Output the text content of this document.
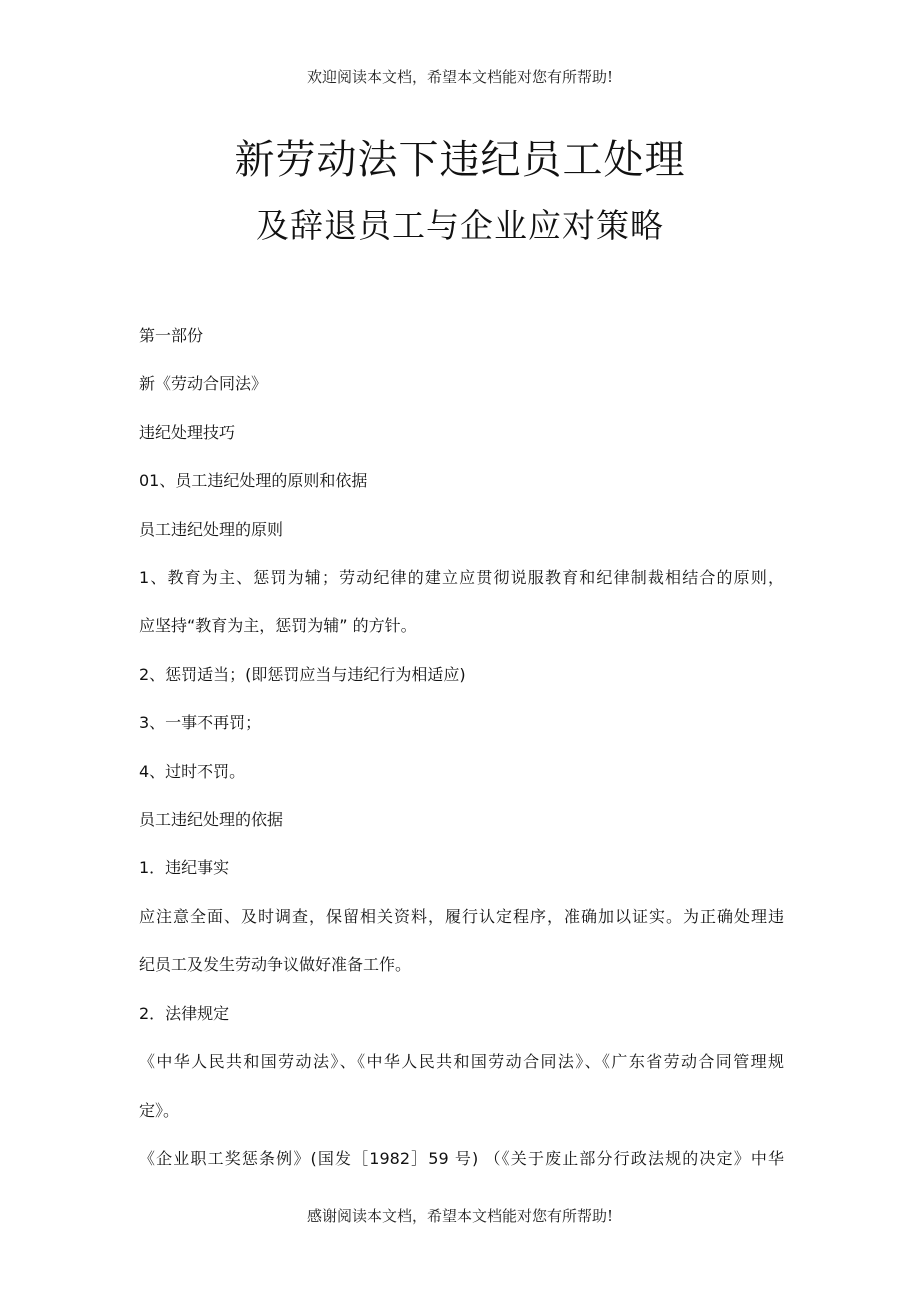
欢迎阅读本文档，希望本文档能对您有所帮助!
新劳动法下违纪员工处理
及辞退员工与企业应对策略

第一部份

新《劳动合同法》

违纪处理技巧

01、员工违纪处理的原则和依据

员工违纪处理的原则

1、教育为主、惩罚为辅；劳动纪律的建立应贯彻说服教育和纪律制裁相结合的原则，

应坚持“教育为主，惩罚为辅” 的方针。

2、惩罚适当；(即惩罚应当与违纪行为相适应)

3、一事不再罚；

4、过时不罚。

员工违纪处理的依据

1．违纪事实

应注意全面、及时调查，保留相关资料，履行认定程序，准确加以证实。为正确处理违

纪员工及发生劳动争议做好准备工作。

2．法律规定

《中华人民共和国劳动法》、《中华人民共和国劳动合同法》、《广东省劳动合同管理规

定》。

《企业职工奖惩条例》(国发［1982］59 号) （《关于废止部分行政法规的决定》中华

感谢阅读本文档，希望本文档能对您有所帮助!
